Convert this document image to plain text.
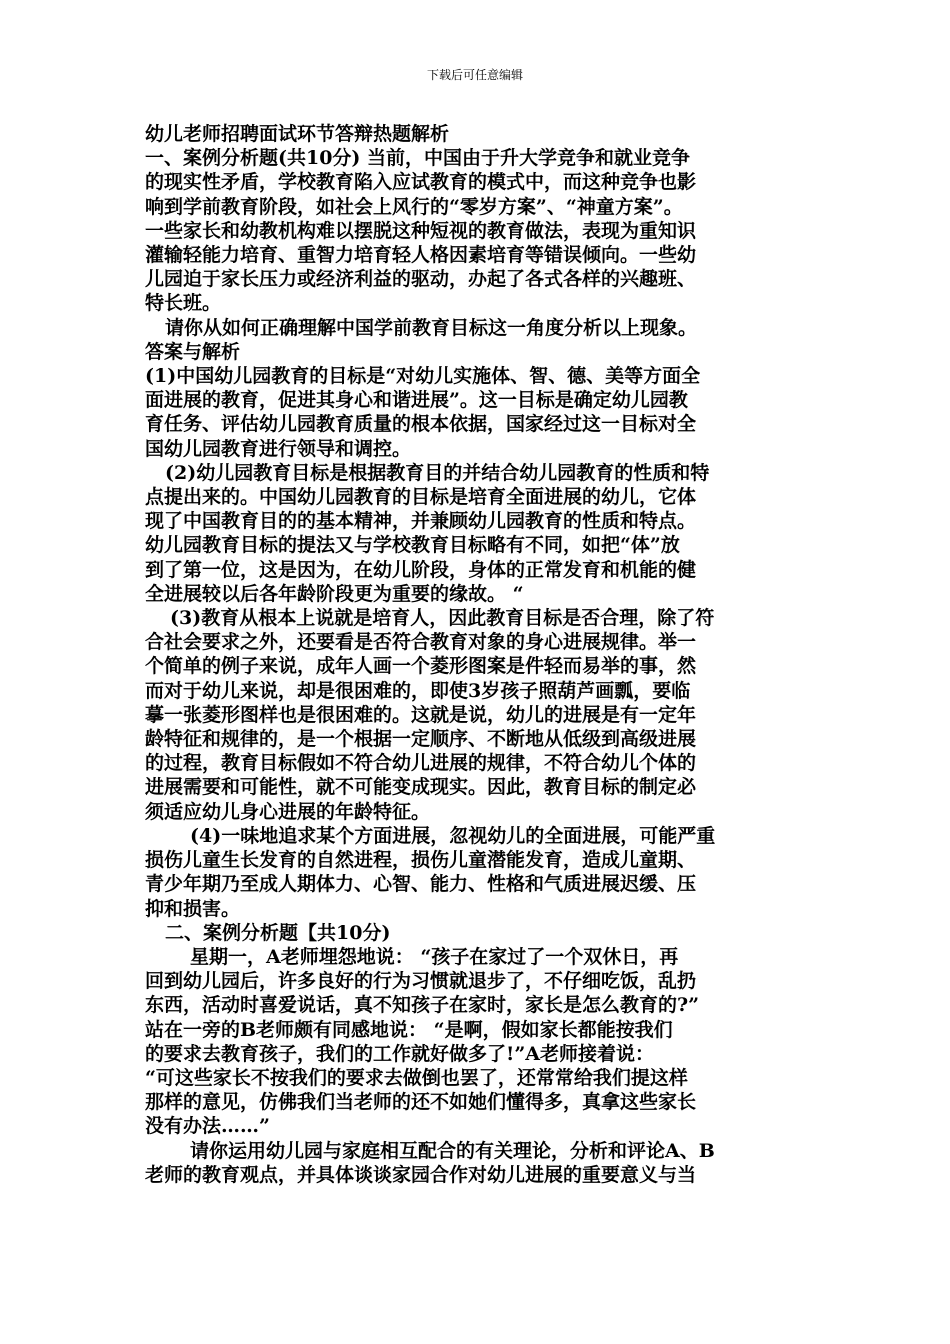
下载后可任意编辑

幼儿老师招聘面试环节答辩热题解析

一、案例分析题(共10分) 当前，中国由于升大学竞争和就业竞争

的现实性矛盾，学校教育陷入应试教育的模式中，而这种竞争也影

响到学前教育阶段，如社会上风行的“零岁方案”、“神童方案”。

一些家长和幼教机构难以摆脱这种短视的教育做法，表现为重知识

灌输轻能力培育、重智力培育轻人格因素培育等错误倾向。一些幼

儿园迫于家长压力或经济利益的驱动，办起了各式各样的兴趣班、

特长班。

请你从如何正确理解中国学前教育目标这一角度分析以上现象。

答案与解析

(1)中国幼儿园教育的目标是“对幼儿实施体、智、德、美等方面全

面进展的教育，促进其身心和谐进展”。这一目标是确定幼儿园教

育任务、评估幼儿园教育质量的根本依据，国家经过这一目标对全

国幼儿园教育进行领导和调控。

(2)幼儿园教育目标是根据教育目的并结合幼儿园教育的性质和特

点提出来的。中国幼儿园教育的目标是培育全面进展的幼儿，它体

现了中国教育目的的基本精神，并兼顾幼儿园教育的性质和特点。

幼儿园教育目标的提法又与学校教育目标略有不同，如把“体”放

到了第一位，这是因为，在幼儿阶段，身体的正常发育和机能的健

全进展较以后各年龄阶段更为重要的缘故。 “

(3)教育从根本上说就是培育人，因此教育目标是否合理，除了符

合社会要求之外，还要看是否符合教育对象的身心进展规律。举一

个简单的例子来说，成年人画一个菱形图案是件轻而易举的事，然

而对于幼儿来说，却是很困难的，即使3岁孩子照葫芦画瓢，要临

摹一张菱形图样也是很困难的。这就是说，幼儿的进展是有一定年

龄特征和规律的，是一个根据一定顺序、不断地从低级到高级进展

的过程，教育目标假如不符合幼儿进展的规律，不符合幼儿个体的

进展需要和可能性，就不可能变成现实。因此，教育目标的制定必

须适应幼儿身心进展的年龄特征。

(4)一味地追求某个方面进展，忽视幼儿的全面进展，可能严重

损伤儿童生长发育的自然进程，损伤儿童潜能发育，造成儿童期、

青少年期乃至成人期体力、心智、能力、性格和气质进展迟缓、压

抑和损害。

二、案例分析题【共10分)

星期一，A老师埋怨地说： “孩子在家过了一个双休日，再

回到幼儿园后，许多良好的行为习惯就退步了，不仔细吃饭，乱扔

东西，活动时喜爱说话，真不知孩子在家时，家长是怎么教育的?”

站在一旁的B老师颇有同感地说： “是啊，假如家长都能按我们

的要求去教育孩子，我们的工作就好做多了!”A老师接着说：

“可这些家长不按我们的要求去做倒也罢了，还常常给我们提这样

那样的意见，仿佛我们当老师的还不如她们懂得多，真拿这些家长

没有办法……”

请你运用幼儿园与家庭相互配合的有关理论，分析和评论A、B

老师的教育观点，并具体谈谈家园合作对幼儿进展的重要意义与当
